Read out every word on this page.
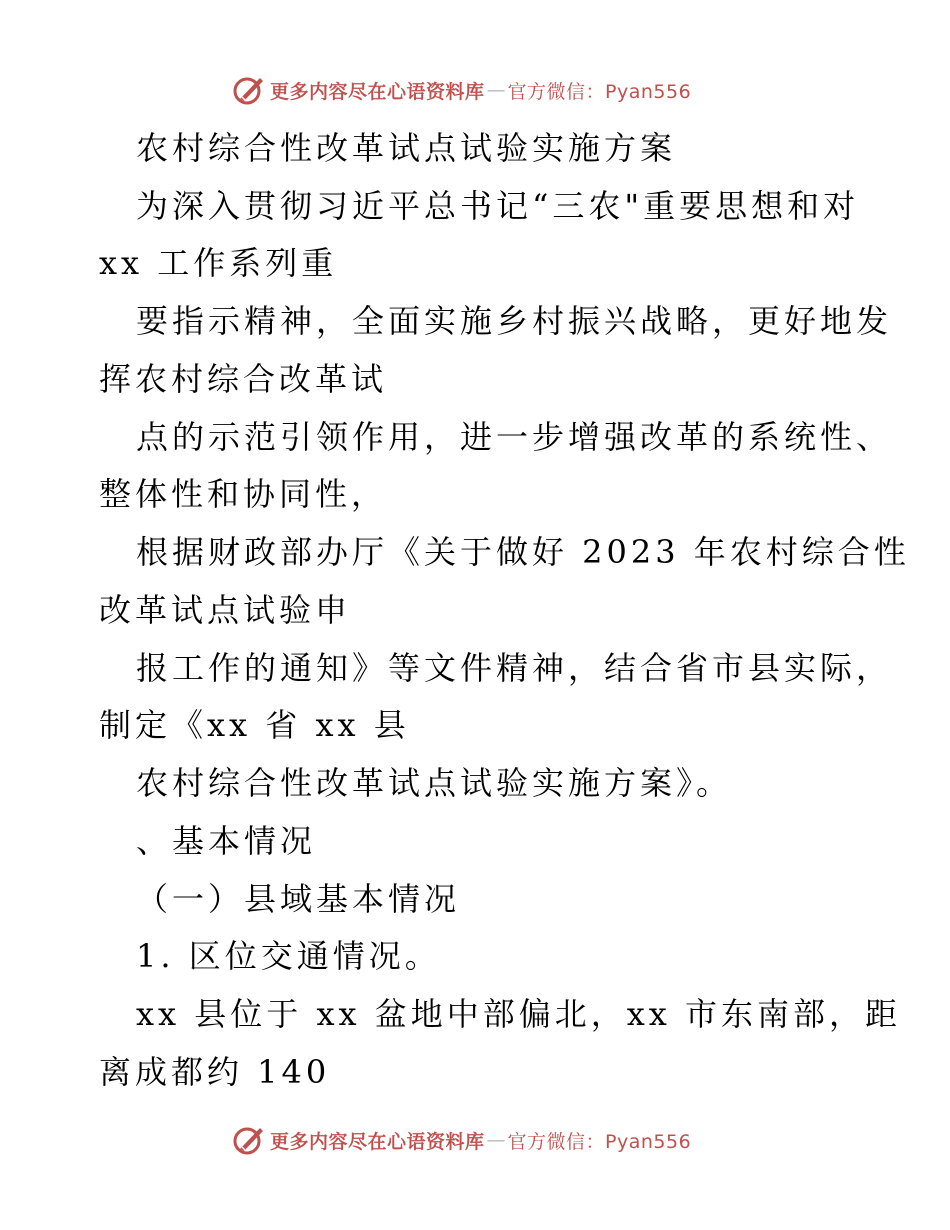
更多内容尽在心语资料库 — 官方微信：Pyan556
农村综合性改革试点试验实施方案
为深入贯彻习近平总书记“三农"重要思想和对
xx 工作系列重
要指示精神，全面实施乡村振兴战略，更好地发
挥农村综合改革试
点的示范引领作用，进一步增强改革的系统性、
整体性和协同性，
根据财政部办厅《关于做好 2023 年农村综合性
改革试点试验申
报工作的通知》等文件精神，结合省市县实际，
制定《xx 省 xx 县
农村综合性改革试点试验实施方案》。
、基本情况
（一）县域基本情况
1. 区位交通情况。
xx 县位于 xx 盆地中部偏北，xx 市东南部，距
离成都约 140
更多内容尽在心语资料库 — 官方微信：Pyan556
